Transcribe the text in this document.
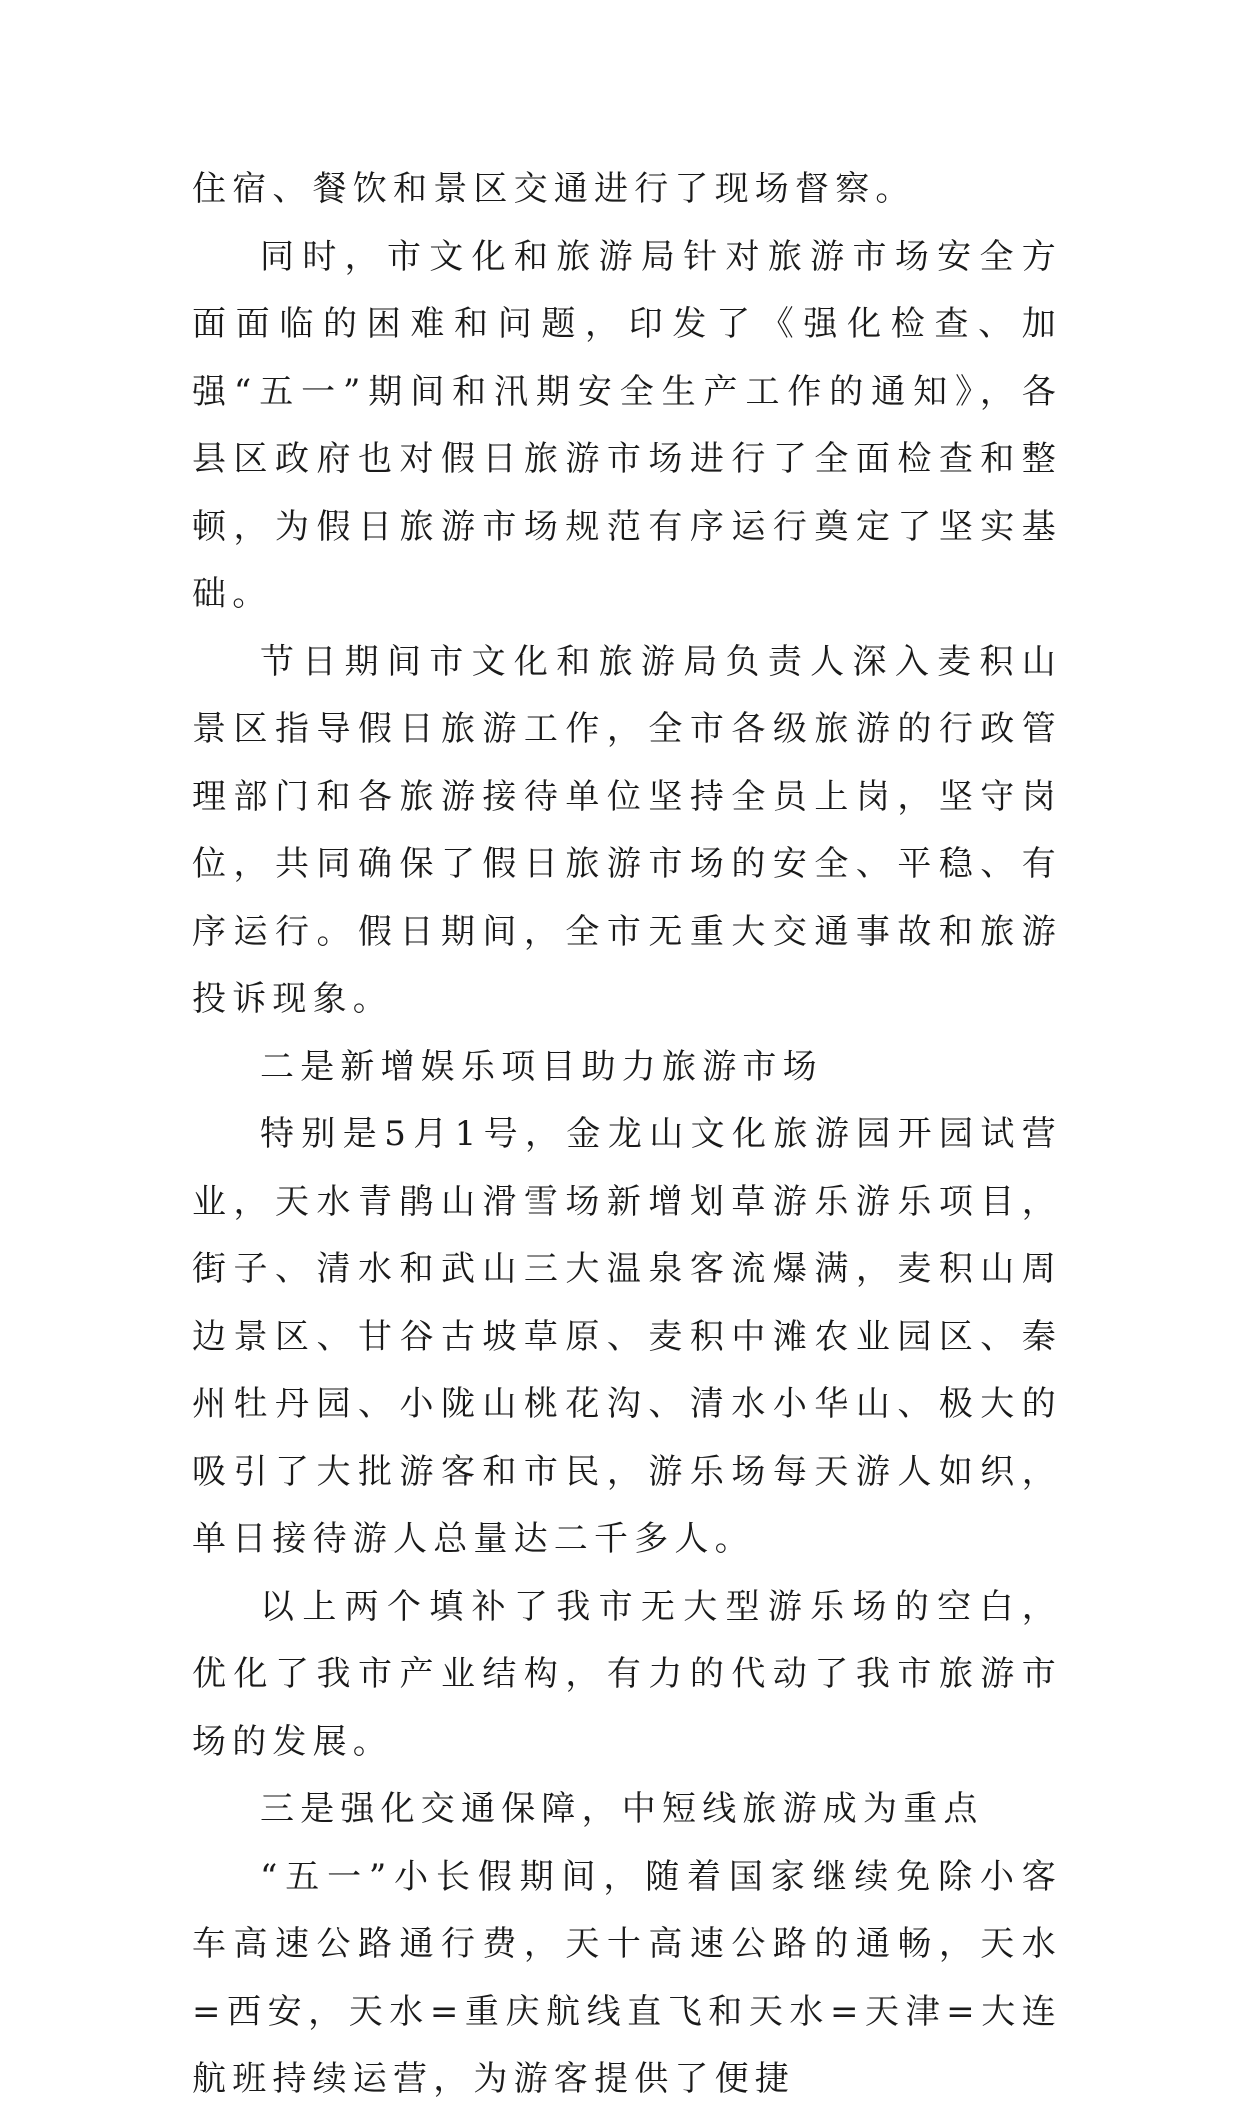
住宿、餐饮和景区交通进行了现场督察。

同时，市文化和旅游局针对旅游市场安全方面面临的困难和问题，印发了《强化检查、加强“五一”期间和汛期安全生产工作的通知》，各县区政府也对假日旅游市场进行了全面检查和整顿，为假日旅游市场规范有序运行奠定了坚实基础。

节日期间市文化和旅游局负责人深入麦积山景区指导假日旅游工作，全市各级旅游的行政管理部门和各旅游接待单位坚持全员上岗，坚守岗位，共同确保了假日旅游市场的安全、平稳、有序运行。假日期间，全市无重大交通事故和旅游投诉现象。

二是新增娱乐项目助力旅游市场

特别是5月1号，金龙山文化旅游园开园试营业，天水青鹃山滑雪场新增划草游乐游乐项目，街子、清水和武山三大温泉客流爆满，麦积山周边景区、甘谷古坡草原、麦积中滩农业园区、秦州牡丹园、小陇山桃花沟、清水小华山、极大的吸引了大批游客和市民，游乐场每天游人如织，单日接待游人总量达二千多人。

以上两个填补了我市无大型游乐场的空白，优化了我市产业结构，有力的代动了我市旅游市场的发展。

三是强化交通保障，中短线旅游成为重点

“五一”小长假期间，随着国家继续免除小客车高速公路通行费，天十高速公路的通畅，天水=西安，天水=重庆航线直飞和天水=天津=大连航班持续运营，为游客提供了便捷
